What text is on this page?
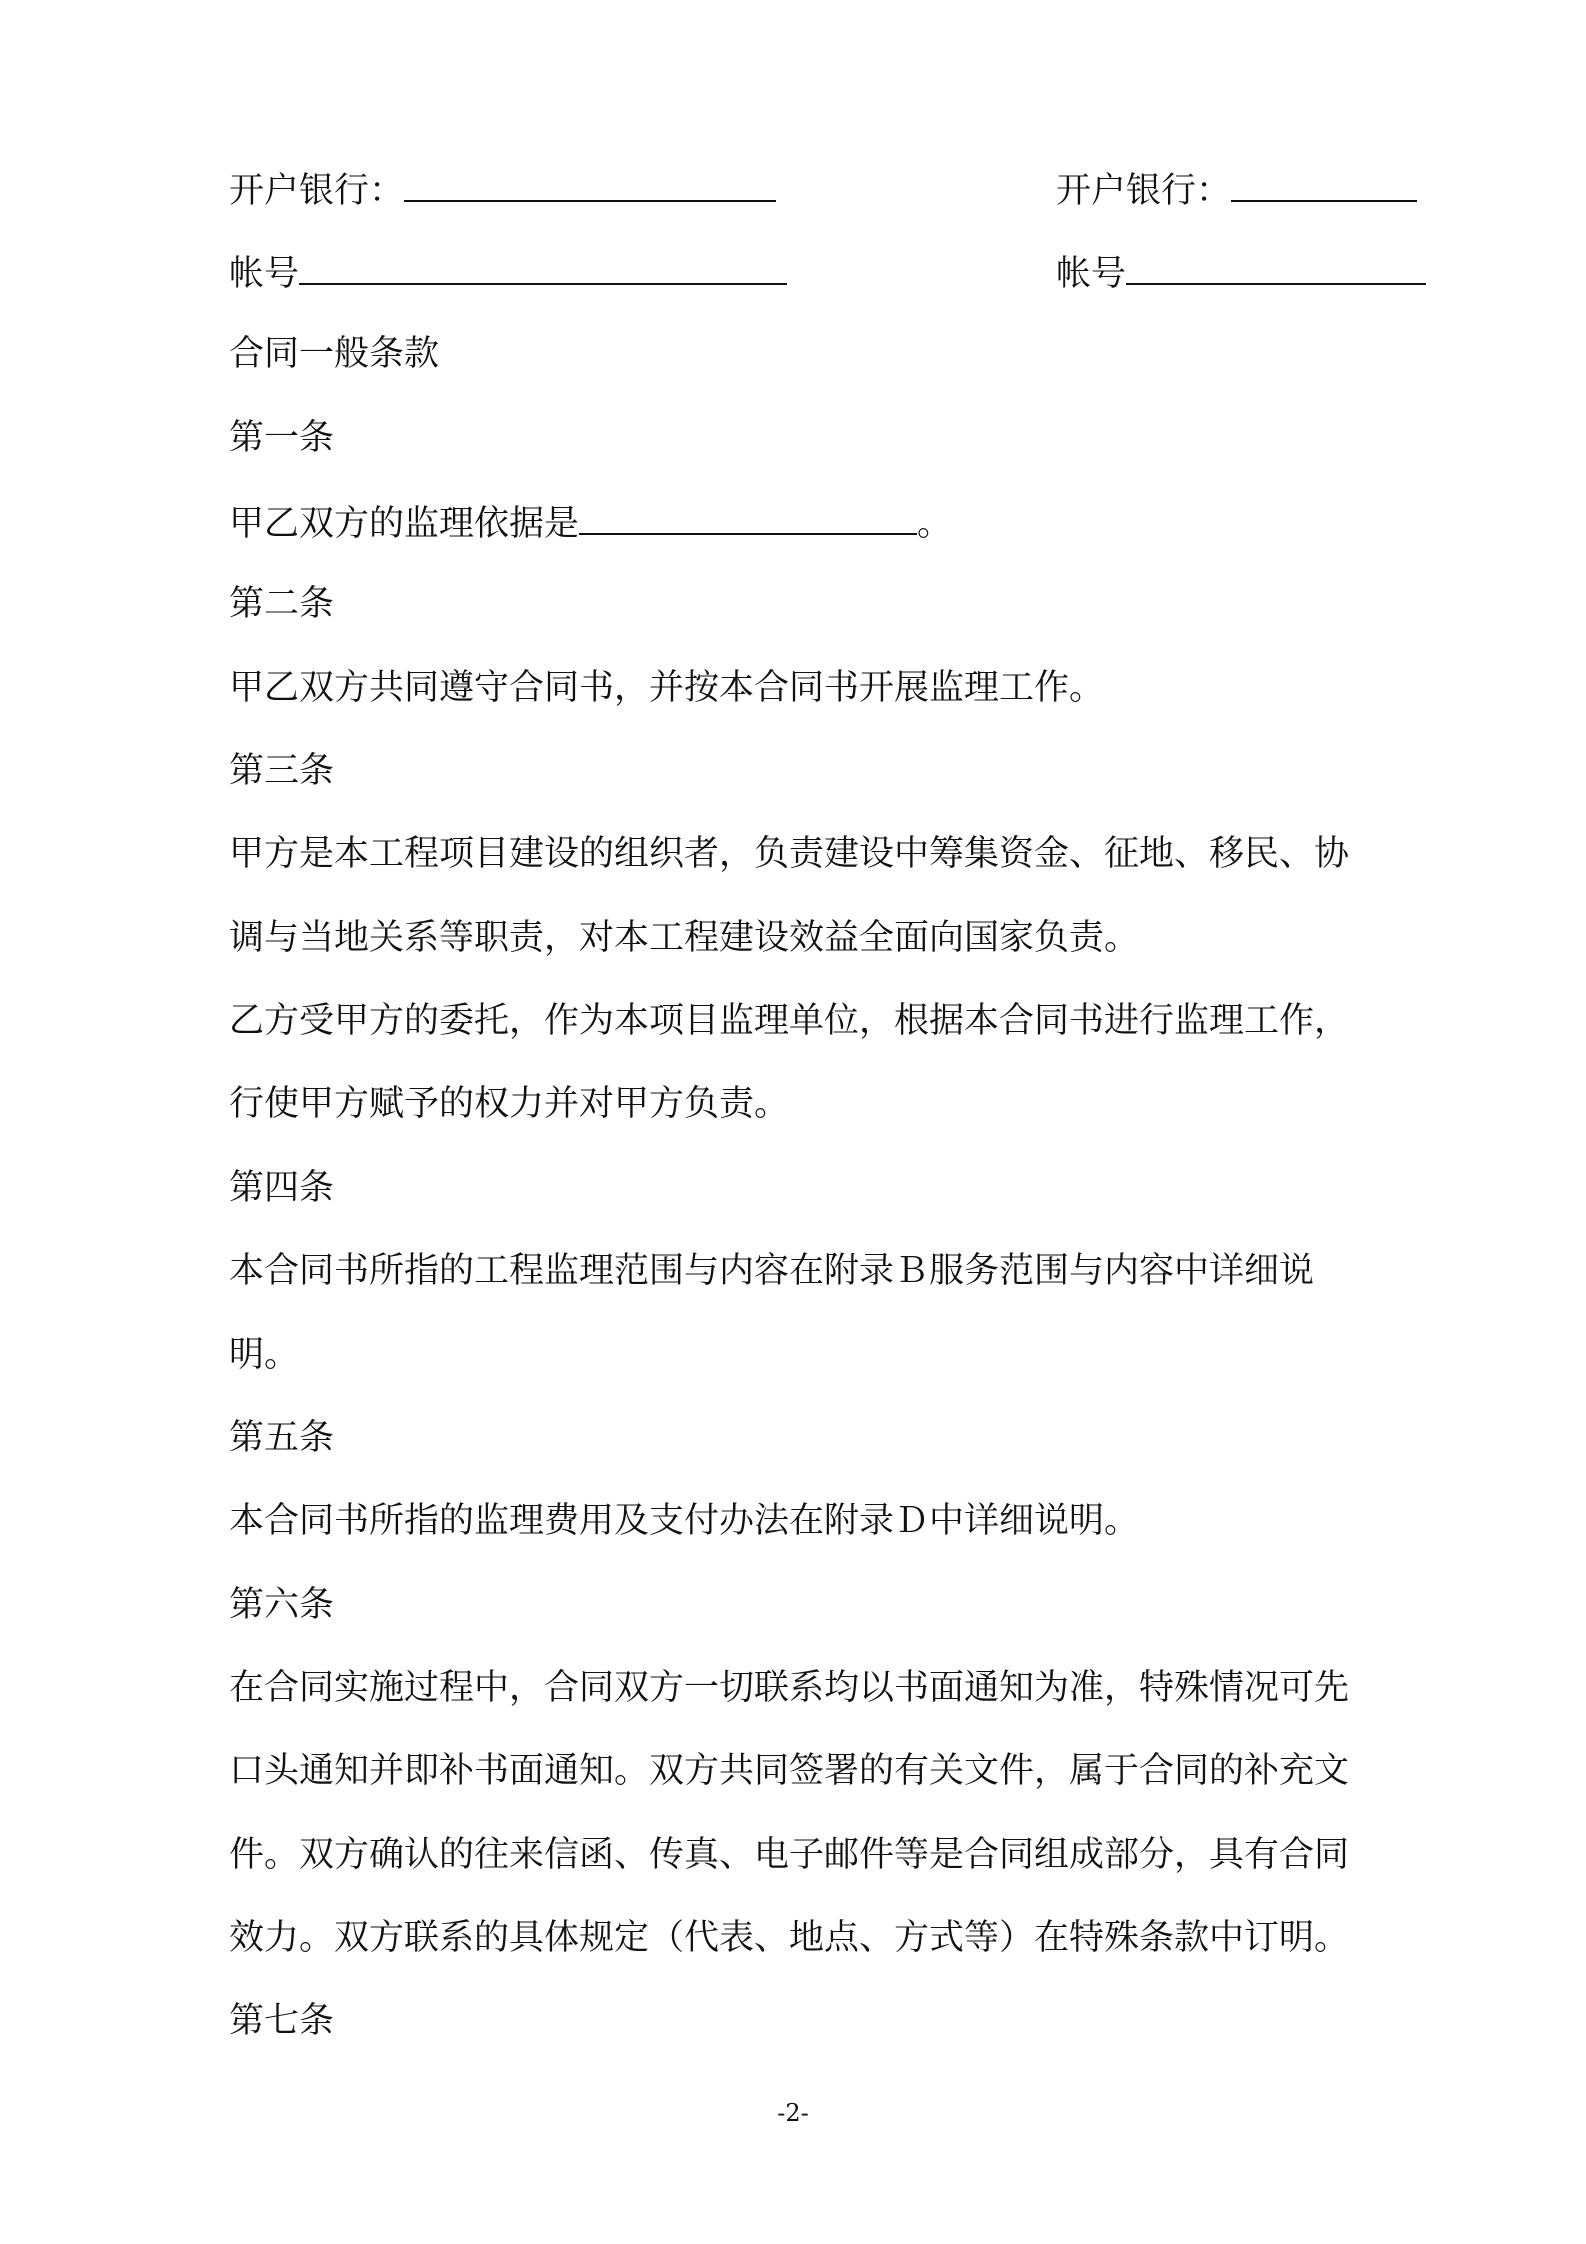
开户银行：	开户银行：
帐号	帐号
合同一般条款
第一条
甲乙双方的监理依据是	。
第二条
甲乙双方共同遵守合同书，并按本合同书开展监理工作。
第三条
甲方是本工程项目建设的组织者，负责建设中筹集资金、征地、移民、协
调与当地关系等职责，对本工程建设效益全面向国家负责。
乙方受甲方的委托，作为本项目监理单位，根据本合同书进行监理工作，
行使甲方赋予的权力并对甲方负责。
第四条
本合同书所指的工程监理范围与内容在附录Ｂ服务范围与内容中详细说
明。
第五条
本合同书所指的监理费用及支付办法在附录Ｄ中详细说明。
第六条
在合同实施过程中，合同双方一切联系均以书面通知为准，特殊情况可先
口头通知并即补书面通知。双方共同签署的有关文件，属于合同的补充文
件。双方确认的往来信函、传真、电子邮件等是合同组成部分，具有合同
效力。双方联系的具体规定（代表、地点、方式等）在特殊条款中订明。
第七条
-2-
